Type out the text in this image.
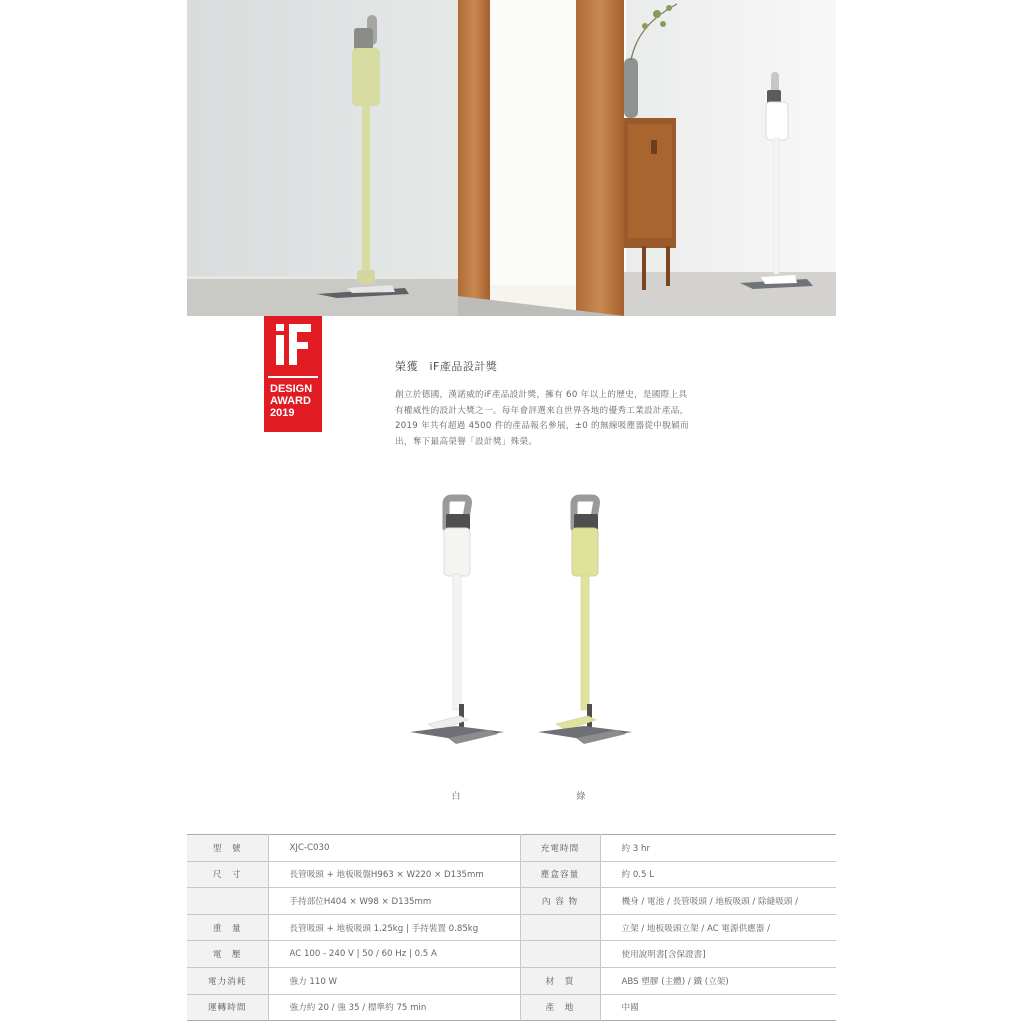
DESIGN
AWARD
2019
榮獲　iF產品設計獎
創立於德國，漢諾威的iF產品設計獎，擁有 60 年以上的歷史，是國際上具有權威性的設計大獎之一。每年會評選來自世界各地的優秀工業設計產品，2019 年共有超過 4500 件的產品報名參展，±0 的無線吸塵器從中脫穎而出，奪下最高榮譽「設計獎」殊榮。
白	綠
型　號	XJC-C030	充電時間	約 3 hr
尺　寸	長管吸頭 + 地板吸盤H963 × W220 × D135mm	塵盒容量	約 0.5 L
	手持部位H404 × W98 × D135mm	內 容 物	機身 / 電池 / 長管吸頭 / 地板吸頭 / 除縫吸頭 /
重　量	長管吸頭 + 地板吸頭 1.25kg | 手持裝置 0.85kg		立架 / 地板吸頭立架 / AC 電源供應器 /
電　壓	AC 100 - 240 V | 50 / 60 Hz | 0.5 A		使用說明書[含保證書]
電力消耗	強力 110 W	材　質	ABS 塑膠 (主體) / 鐵 (立架)
運轉時間	強力約 20 / 強 35 / 標準約 75 min	產　地	中國
